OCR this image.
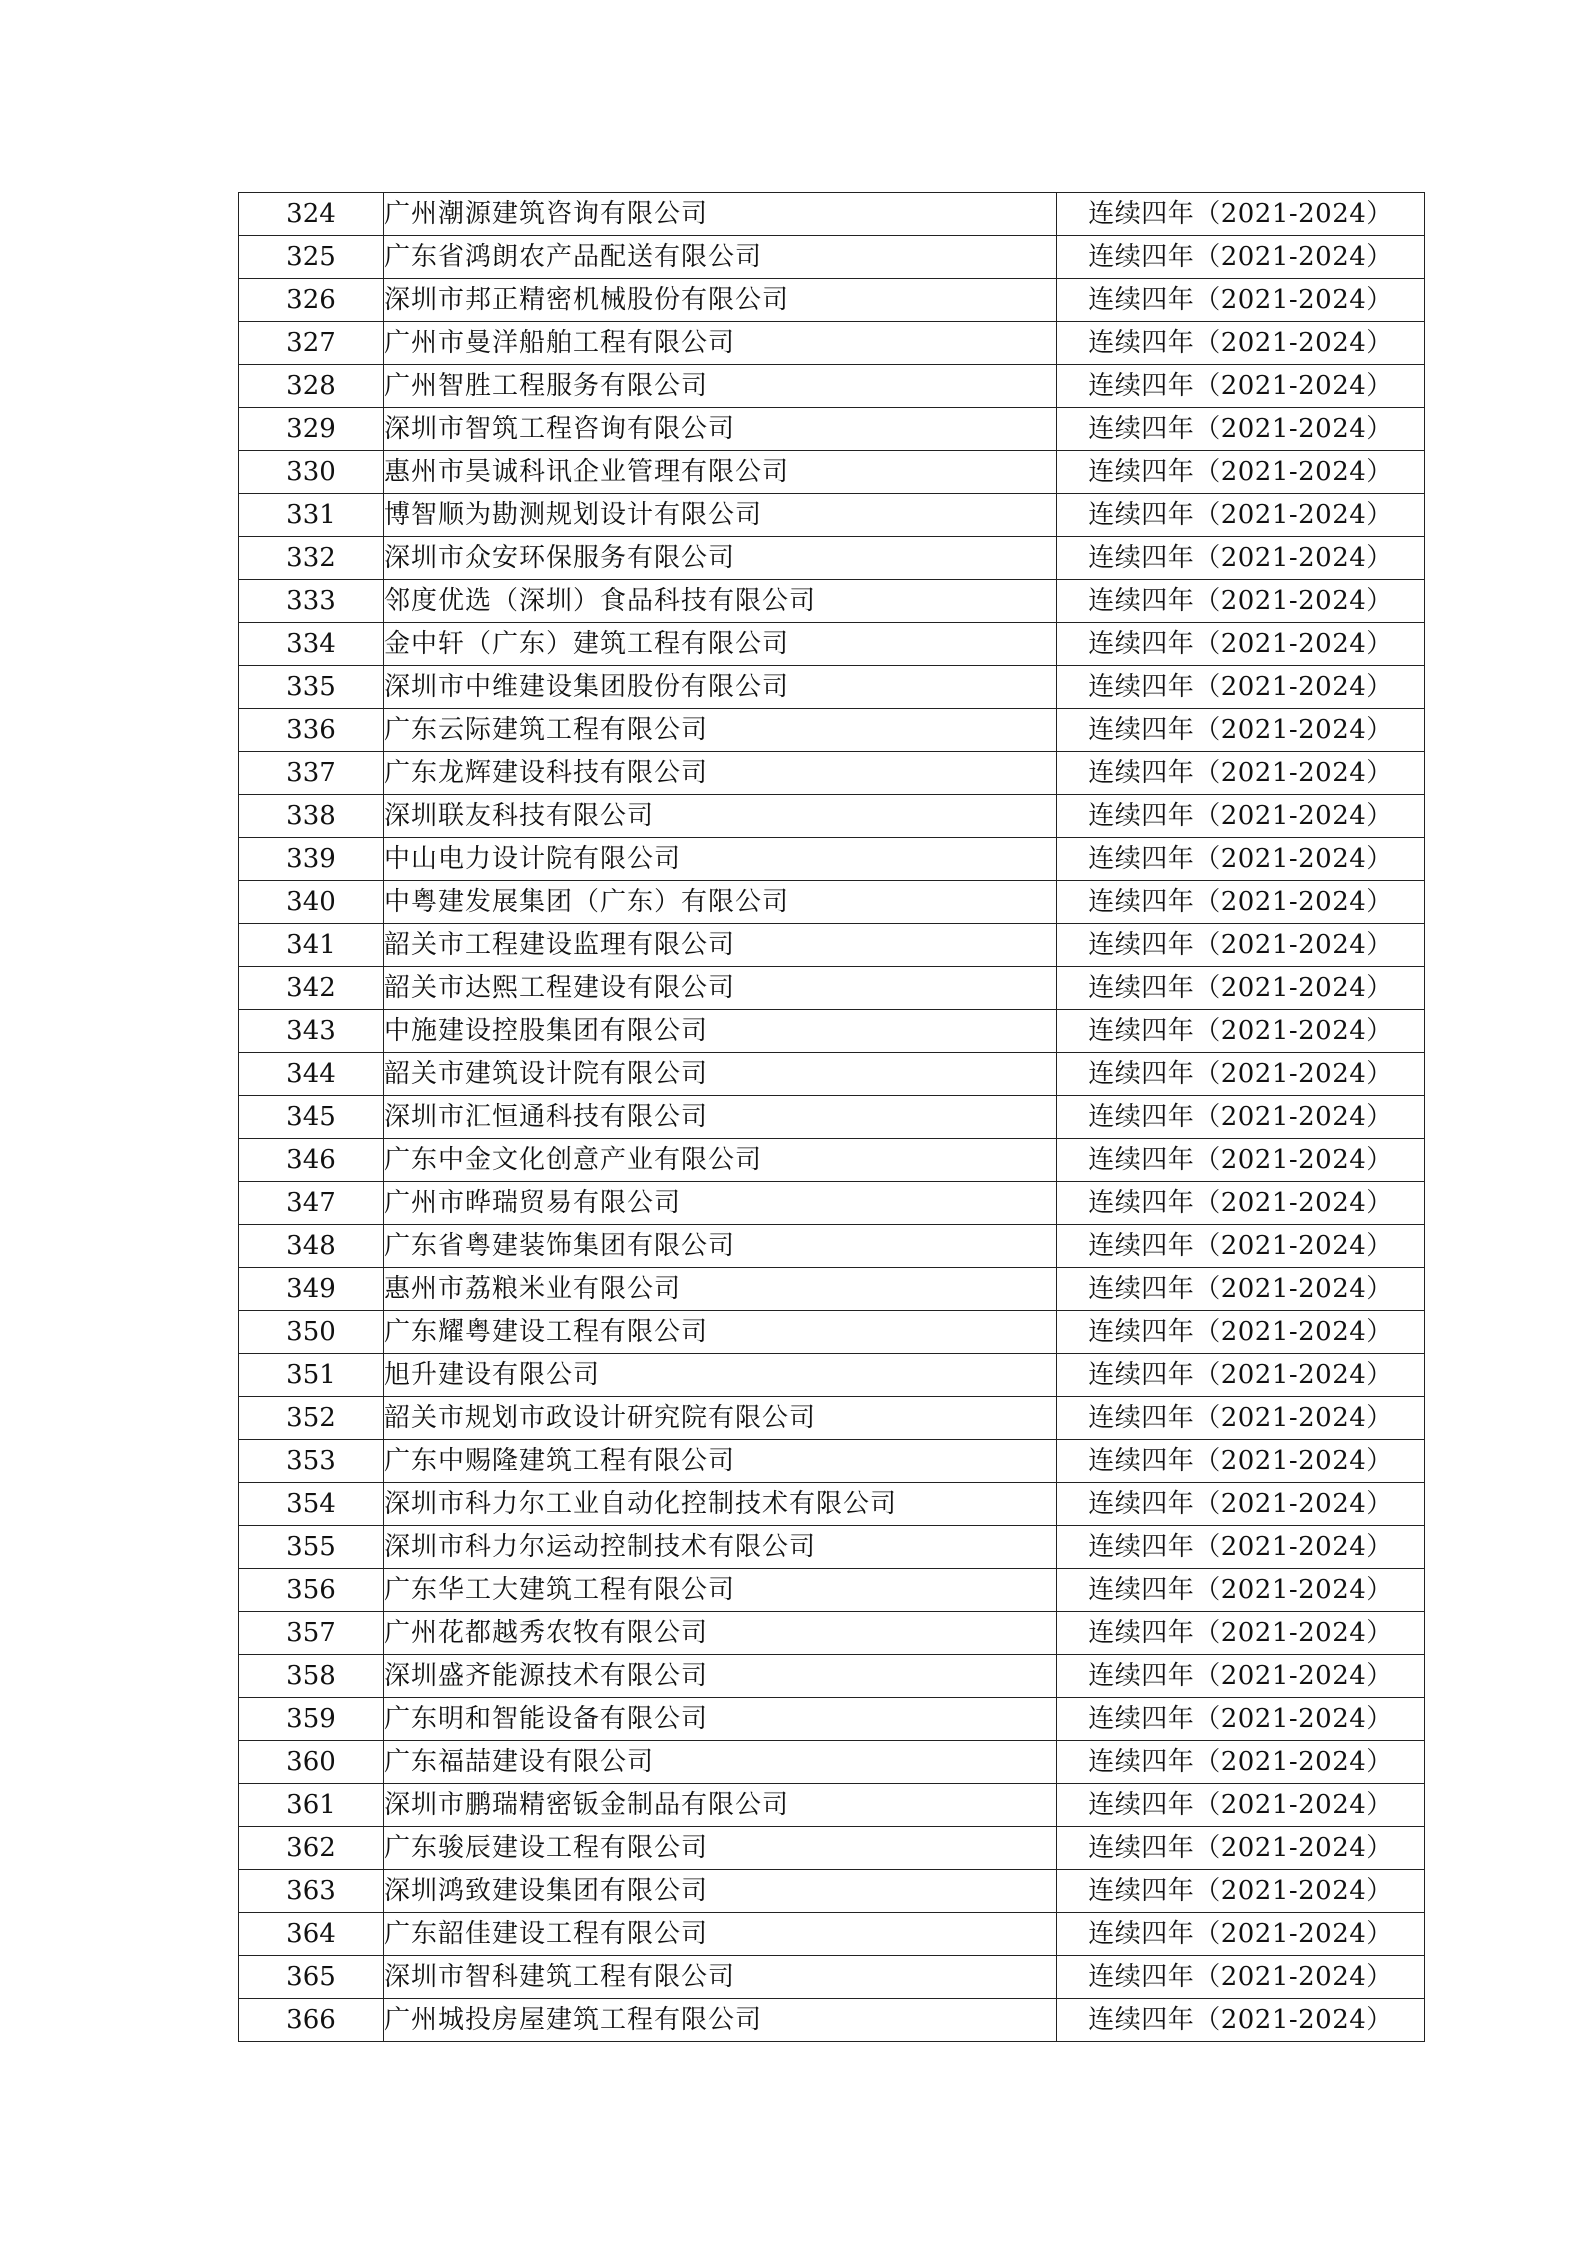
324	广州潮源建筑咨询有限公司	连续四年（2021-2024）
325	广东省鸿朗农产品配送有限公司	连续四年（2021-2024）
326	深圳市邦正精密机械股份有限公司	连续四年（2021-2024）
327	广州市曼洋船舶工程有限公司	连续四年（2021-2024）
328	广州智胜工程服务有限公司	连续四年（2021-2024）
329	深圳市智筑工程咨询有限公司	连续四年（2021-2024）
330	惠州市昊诚科讯企业管理有限公司	连续四年（2021-2024）
331	博智顺为勘测规划设计有限公司	连续四年（2021-2024）
332	深圳市众安环保服务有限公司	连续四年（2021-2024）
333	邻度优选（深圳）食品科技有限公司	连续四年（2021-2024）
334	金中轩（广东）建筑工程有限公司	连续四年（2021-2024）
335	深圳市中维建设集团股份有限公司	连续四年（2021-2024）
336	广东云际建筑工程有限公司	连续四年（2021-2024）
337	广东龙辉建设科技有限公司	连续四年（2021-2024）
338	深圳联友科技有限公司	连续四年（2021-2024）
339	中山电力设计院有限公司	连续四年（2021-2024）
340	中粤建发展集团（广东）有限公司	连续四年（2021-2024）
341	韶关市工程建设监理有限公司	连续四年（2021-2024）
342	韶关市达熙工程建设有限公司	连续四年（2021-2024）
343	中施建设控股集团有限公司	连续四年（2021-2024）
344	韶关市建筑设计院有限公司	连续四年（2021-2024）
345	深圳市汇恒通科技有限公司	连续四年（2021-2024）
346	广东中金文化创意产业有限公司	连续四年（2021-2024）
347	广州市晔瑞贸易有限公司	连续四年（2021-2024）
348	广东省粤建装饰集团有限公司	连续四年（2021-2024）
349	惠州市荔粮米业有限公司	连续四年（2021-2024）
350	广东耀粤建设工程有限公司	连续四年（2021-2024）
351	旭升建设有限公司	连续四年（2021-2024）
352	韶关市规划市政设计研究院有限公司	连续四年（2021-2024）
353	广东中赐隆建筑工程有限公司	连续四年（2021-2024）
354	深圳市科力尔工业自动化控制技术有限公司	连续四年（2021-2024）
355	深圳市科力尔运动控制技术有限公司	连续四年（2021-2024）
356	广东华工大建筑工程有限公司	连续四年（2021-2024）
357	广州花都越秀农牧有限公司	连续四年（2021-2024）
358	深圳盛齐能源技术有限公司	连续四年（2021-2024）
359	广东明和智能设备有限公司	连续四年（2021-2024）
360	广东福喆建设有限公司	连续四年（2021-2024）
361	深圳市鹏瑞精密钣金制品有限公司	连续四年（2021-2024）
362	广东骏辰建设工程有限公司	连续四年（2021-2024）
363	深圳鸿致建设集团有限公司	连续四年（2021-2024）
364	广东韶佳建设工程有限公司	连续四年（2021-2024）
365	深圳市智科建筑工程有限公司	连续四年（2021-2024）
366	广州城投房屋建筑工程有限公司	连续四年（2021-2024）
